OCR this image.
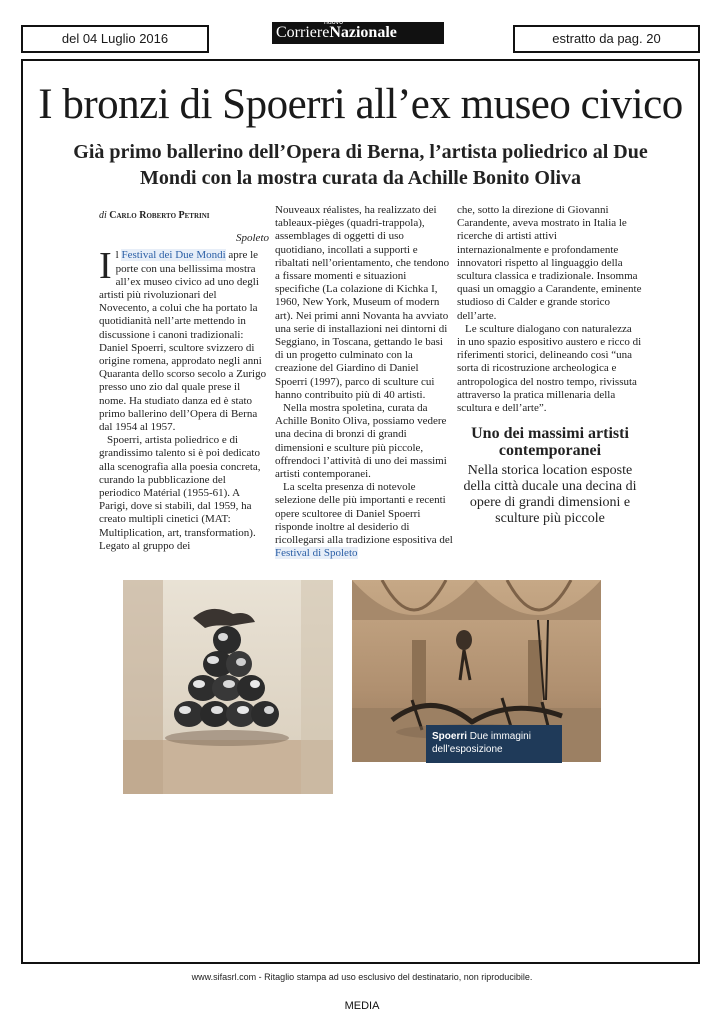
del 04 Luglio 2016
nuovo
CorriereNazionale	estratto da pag. 20
I bronzi di Spoerri all’ex museo civico
Già primo ballerino dell’Opera di Berna, l’artista poliedrico al Due Mondi con la mostra curata da Achille Bonito Oliva
di Carlo Roberto Petrini
Spoleto

Il Festival dei Due Mondi apre le porte con una bellissima mostra all’ex museo civico ad uno degli artisti più rivoluzionari del Novecento, a colui che ha portato la quotidianità nell’arte mettendo in discussione i canoni tradizionali: Daniel Spoerri, scultore svizzero di origine romena, approdato negli anni Quaranta dello scorso secolo a Zurigo presso uno zio dal quale prese il nome. Ha studiato danza ed è stato primo ballerino dell’Opera di Berna dal 1954 al 1957.

Spoerri, artista poliedrico e di grandissimo talento si è poi dedicato alla scenografia alla poesia concreta, curando la pubblicazione del periodico Matérial (1955-61). A Parigi, dove si stabilì, dal 1959, ha creato multipli cinetici (MAT: Multiplication, art, transformation). Legato al gruppo dei

Nouveaux réalistes, ha realizzato dei tableaux-pièges (quadri-trappola), assemblages di oggetti di uso quotidiano, incollati a supporti e ribaltati nell’orientamento, che tendono a fissare momenti e situazioni specifiche (La colazione di Kichka I, 1960, New York, Museum of modern art). Nei primi anni Novanta ha avviato una serie di installazioni nei dintorni di Seggiano, in Toscana, gettando le basi di un progetto culminato con la creazione del Giardino di Daniel Spoerri (1997), parco di sculture cui hanno contribuito più di 40 artisti.

Nella mostra spoletina, curata da Achille Bonito Oliva, possiamo vedere una decina di bronzi di grandi dimensioni e sculture più piccole, offrendoci l’attività di uno dei massimi artisti contemporanei.

La scelta presenza di notevole selezione delle più importanti e recenti opere scultoree di Daniel Spoerri risponde inoltre al desiderio di ricollegarsi alla tradizione espositiva del Festival di Spoleto

che, sotto la direzione di Giovanni Carandente, aveva mostrato in Italia le ricerche di artisti attivi internazionalmente e profondamente innovatori rispetto al linguaggio della scultura classica e tradizionale. Insomma quasi un omaggio a Carandente, eminente studioso di Calder e grande storico dell’arte.

Le sculture dialogano con naturalezza in uno spazio espositivo austero e ricco di riferimenti storici, delineando così “una sorta di ricostruzione archeologica e antropologica del nostro tempo, rivissuta attraverso la pratica millenaria della scultura e dell’arte”.

Uno dei massimi artisti contemporanei
Nella storica location esposte della città ducale una decina di opere di grandi dimensioni e sculture più piccole
Spoerri Due immagini dell’esposizione
www.sifasrl.com - Ritaglio stampa ad uso esclusivo del destinatario, non riproducibile.
MEDIA
